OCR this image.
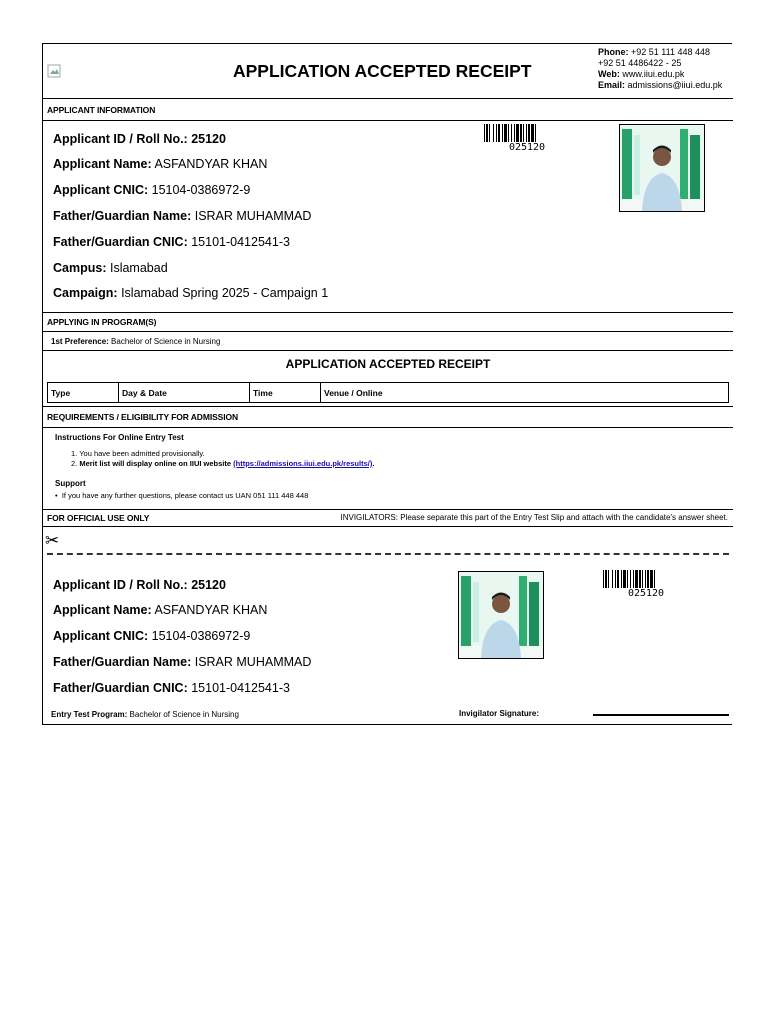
APPLICATION ACCEPTED RECEIPT
Phone: +92 51 111 448 448
+92 51 4486422 - 25
Web: www.iiui.edu.pk
Email: admissions@iiui.edu.pk
APPLICANT INFORMATION
Applicant ID / Roll No.: 25120
Applicant Name: ASFANDYAR KHAN
Applicant CNIC: 15104-0386972-9
Father/Guardian Name: ISRAR MUHAMMAD
Father/Guardian CNIC: 15101-0412541-3
Campus: Islamabad
Campaign: Islamabad Spring 2025 - Campaign 1
025120
APPLYING IN PROGRAM(S)
1st Preference: Bachelor of Science in Nursing
APPLICATION ACCEPTED RECEIPT
Type	Day & Date	Time	Venue / Online
REQUIREMENTS / ELIGIBILITY FOR ADMISSION
Instructions For Online Entry Test
1. You have been admitted provisionally.
2. Merit list will display online on IIUI website (https://admissions.iiui.edu.pk/results/).
Support
• If you have any further questions, please contact us UAN 051 111 448 448
FOR OFFICIAL USE ONLY	INVIGILATORS: Please separate this part of the Entry Test Slip and attach with the candidate's answer sheet.
✂
Applicant ID / Roll No.: 25120
Applicant Name: ASFANDYAR KHAN
Applicant CNIC: 15104-0386972-9
Father/Guardian Name: ISRAR MUHAMMAD
Father/Guardian CNIC: 15101-0412541-3
025120
Entry Test Program: Bachelor of Science in Nursing	Invigilator Signature:
